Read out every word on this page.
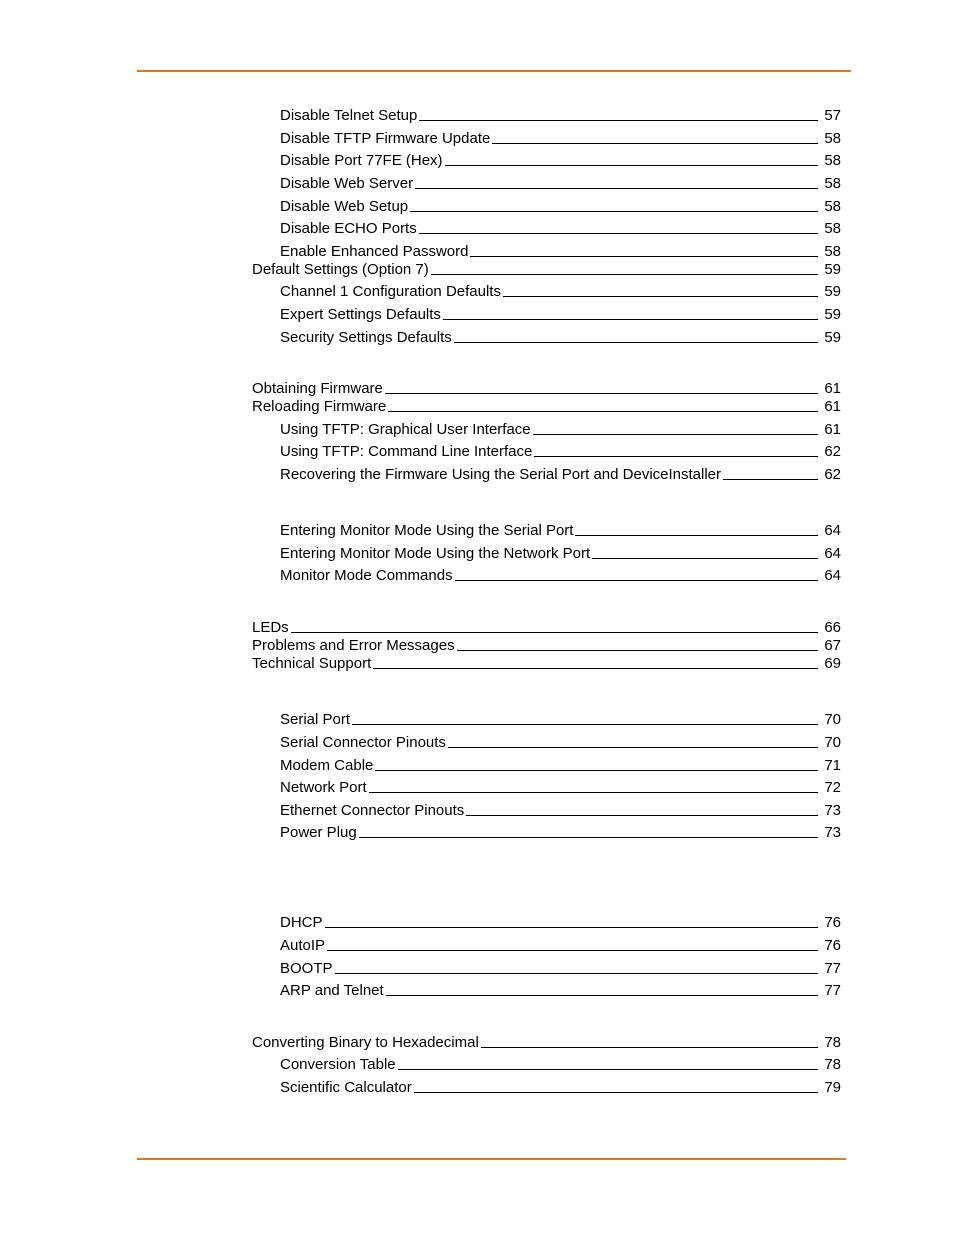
Disable Telnet Setup	57
Disable TFTP Firmware Update	58
Disable Port 77FE (Hex)	58
Disable Web Server	58
Disable Web Setup	58
Disable ECHO Ports	58
Enable Enhanced Password	58
Default Settings (Option 7)	59
Channel 1 Configuration Defaults	59
Expert Settings Defaults	59
Security Settings Defaults	59
Obtaining Firmware	61
Reloading Firmware	61
Using TFTP: Graphical User Interface	61
Using TFTP: Command Line Interface	62
Recovering the Firmware Using the Serial Port and DeviceInstaller	62
Entering Monitor Mode Using the Serial Port	64
Entering Monitor Mode Using the Network Port	64
Monitor Mode Commands	64
LEDs	66
Problems and Error Messages	67
Technical Support	69
Serial Port	70
Serial Connector Pinouts	70
Modem Cable	71
Network Port	72
Ethernet Connector Pinouts	73
Power Plug	73
DHCP	76
AutoIP	76
BOOTP	77
ARP and Telnet	77
Converting Binary to Hexadecimal	78
Conversion Table	78
Scientific Calculator	79
